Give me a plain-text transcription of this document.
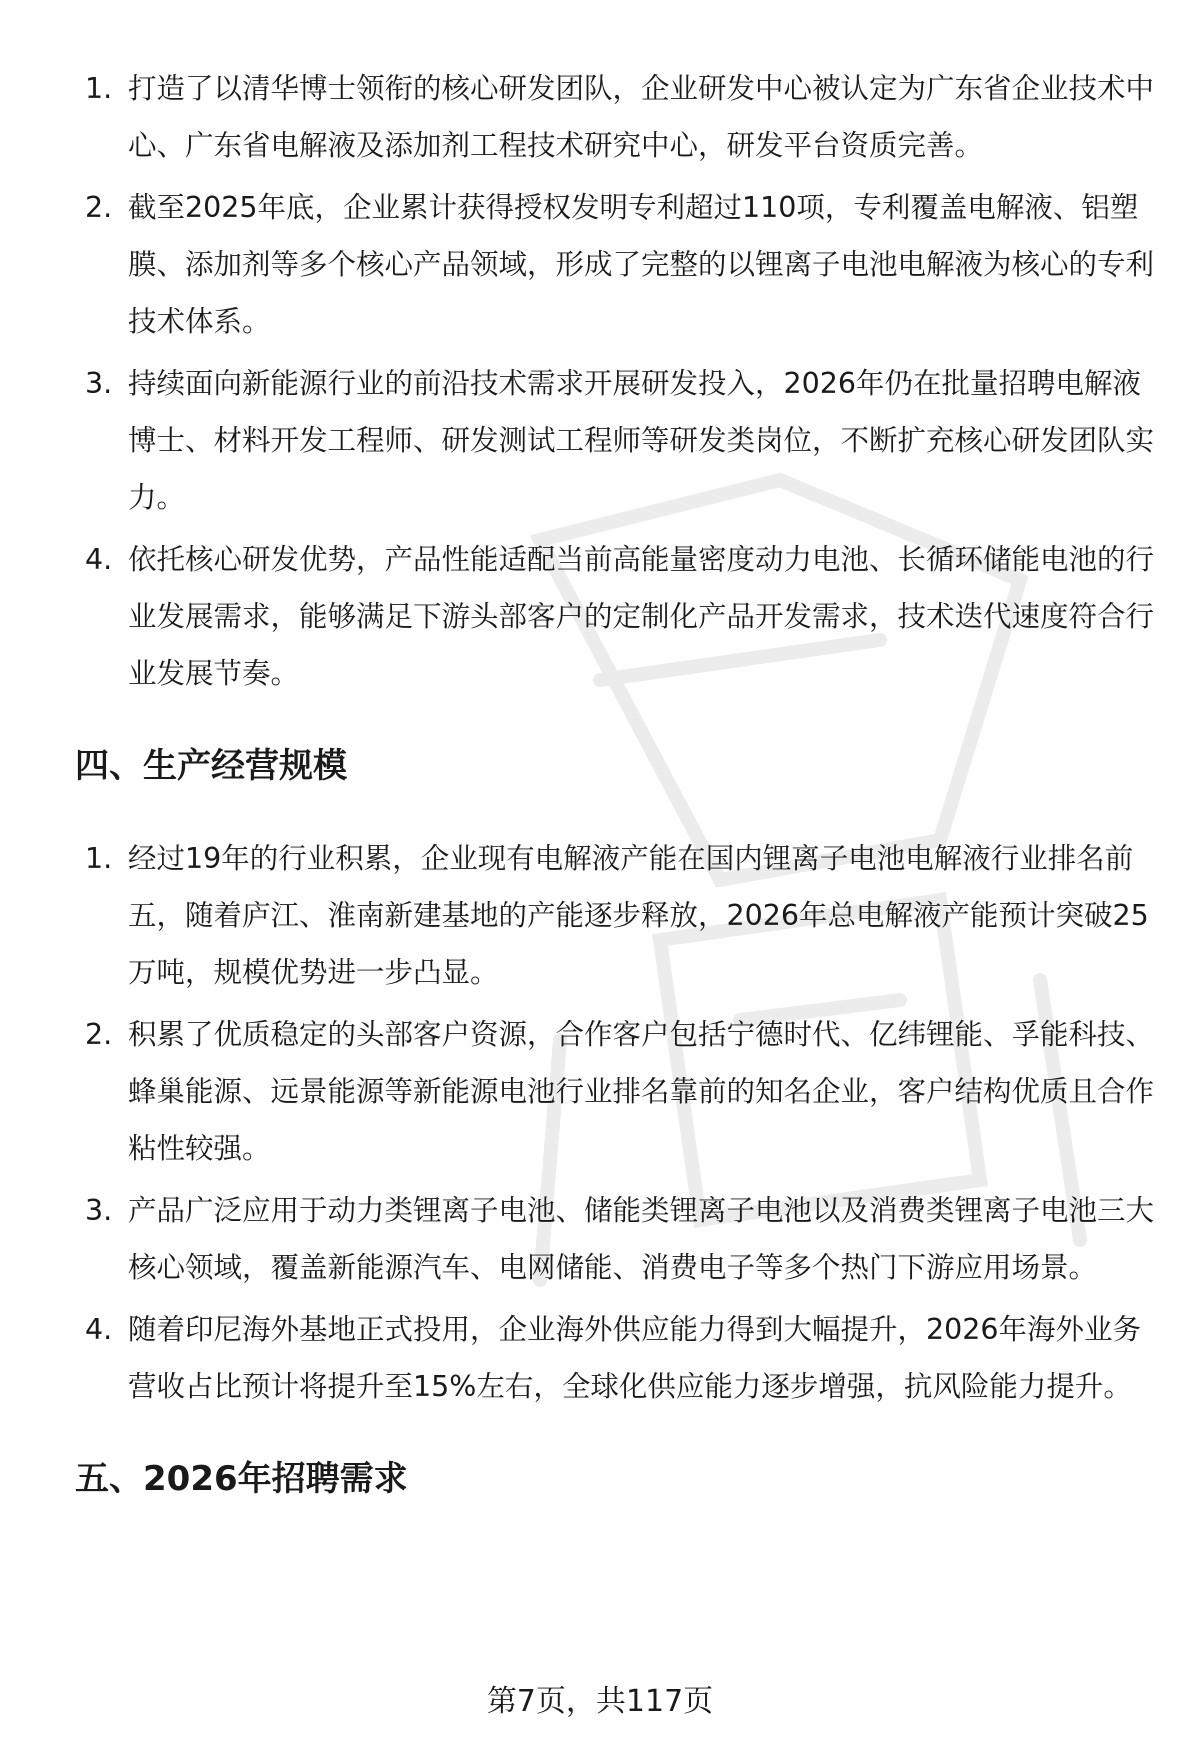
1. 打造了以清华博士领衔的核心研发团队，企业研发中心被认定为广东省企业技术中心、广东省电解液及添加剂工程技术研究中心，研发平台资质完善。
2. 截至2025年底，企业累计获得授权发明专利超过110项，专利覆盖电解液、铝塑膜、添加剂等多个核心产品领域，形成了完整的以锂离子电池电解液为核心的专利技术体系。
3. 持续面向新能源行业的前沿技术需求开展研发投入，2026年仍在批量招聘电解液博士、材料开发工程师、研发测试工程师等研发类岗位，不断扩充核心研发团队实力。
4. 依托核心研发优势，产品性能适配当前高能量密度动力电池、长循环储能电池的行业发展需求，能够满足下游头部客户的定制化产品开发需求，技术迭代速度符合行业发展节奏。
四、生产经营规模
1. 经过19年的行业积累，企业现有电解液产能在国内锂离子电池电解液行业排名前五，随着庐江、淮南新建基地的产能逐步释放，2026年总电解液产能预计突破25万吨，规模优势进一步凸显。
2. 积累了优质稳定的头部客户资源，合作客户包括宁德时代、亿纬锂能、孚能科技、蜂巢能源、远景能源等新能源电池行业排名靠前的知名企业，客户结构优质且合作粘性较强。
3. 产品广泛应用于动力类锂离子电池、储能类锂离子电池以及消费类锂离子电池三大核心领域，覆盖新能源汽车、电网储能、消费电子等多个热门下游应用场景。
4. 随着印尼海外基地正式投用，企业海外供应能力得到大幅提升，2026年海外业务营收占比预计将提升至15%左右，全球化供应能力逐步增强，抗风险能力提升。
五、2026年招聘需求
第7页，共117页
